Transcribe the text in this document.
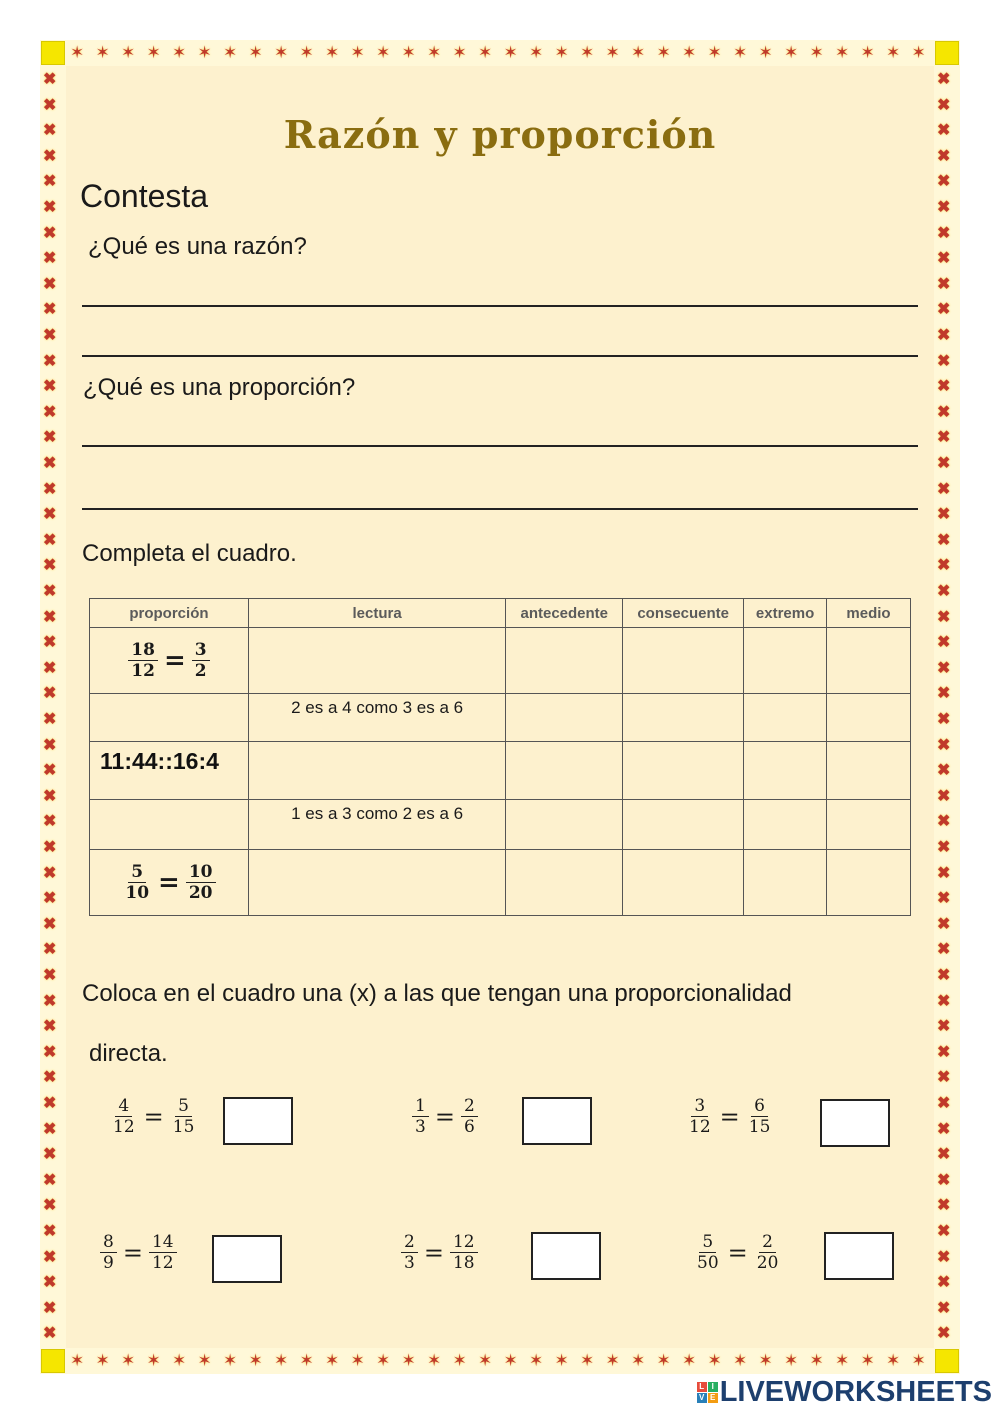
✶ ✶ ✶ ✶ ✶ ✶ ✶ ✶ ✶ ✶ ✶ ✶ ✶ ✶ ✶ ✶ ✶ ✶ ✶ ✶ ✶ ✶ ✶ ✶ ✶ ✶ ✶ ✶ ✶ ✶ ✶ ✶ ✶ ✶
✶ ✶ ✶ ✶ ✶ ✶ ✶ ✶ ✶ ✶ ✶ ✶ ✶ ✶ ✶ ✶ ✶ ✶ ✶ ✶ ✶ ✶ ✶ ✶ ✶ ✶ ✶ ✶ ✶ ✶ ✶ ✶ ✶ ✶
✖
✖
✖
✖
✖
✖
✖
✖
✖
✖
✖
✖
✖
✖
✖
✖
✖
✖
✖
✖
✖
✖
✖
✖
✖
✖
✖
✖
✖
✖
✖
✖
✖
✖
✖
✖
✖
✖
✖
✖
✖
✖
✖
✖
✖
✖
✖
✖
✖
✖
✖
✖
✖
✖
✖
✖
✖
✖
✖
✖
✖
✖
✖
✖
✖
✖
✖
✖
✖
✖
✖
✖
✖
✖
✖
✖
✖
✖
✖
✖
✖
✖
✖
✖
✖
✖
✖
✖
✖
✖
✖
✖
✖
✖
✖
✖
✖
✖
✖
✖
Razón y proporción
Contesta
¿Qué es una razón?
¿Qué es una proporción?
Completa el cuadro.
proporción	lectura	antecedente	consecuente	extremo	medio

$\frac{18}{12} = \frac{3}{2}$

	2 es a 4 como 3 es a 6				

11:44::16:4					

	1 es a 3 como 2 es a 6				

$\frac{5}{10} = \frac{10}{20}$

Coloca en el cuadro una (x) a las que tengan una proporcionalidad
directa.
$\frac{4}{12} = \frac{5}{15}$	$\frac{1}{3} = \frac{2}{6}$	$\frac{3}{12} = \frac{6}{15}$
$\frac{8}{9} = \frac{14}{12}$	$\frac{2}{3} = \frac{12}{18}$	$\frac{5}{50} = \frac{2}{20}$
L I
V E LIVEWORKSHEETS
